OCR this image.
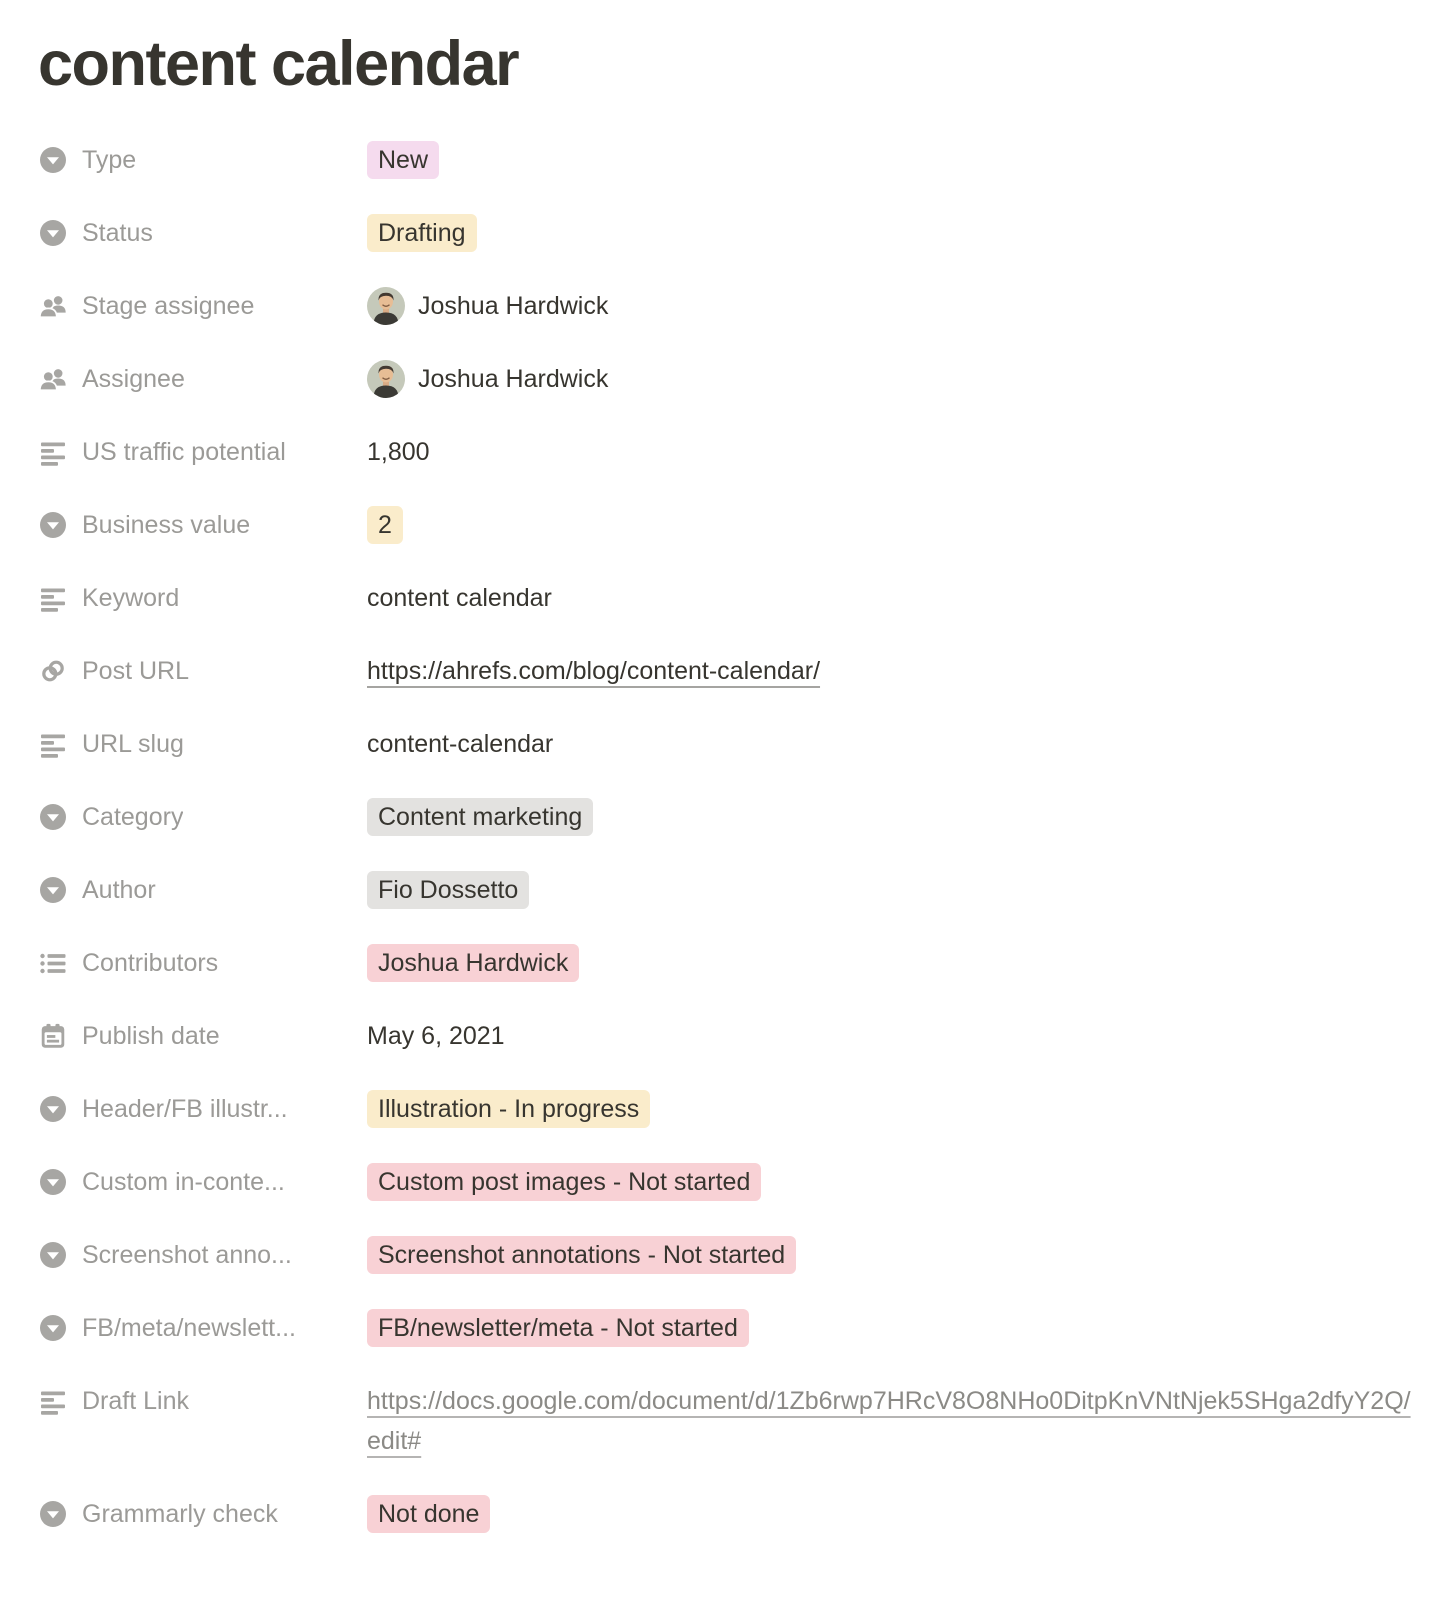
content calendar
Type	New
Status	Drafting
Stage assignee	Joshua Hardwick
Assignee	Joshua Hardwick
US traffic potential	1,800
Business value	2
Keyword	content calendar
Post URL	https://ahrefs.com/blog/content-calendar/
URL slug	content-calendar
Category	Content marketing
Author	Fio Dossetto
Contributors	Joshua Hardwick
Publish date	May 6, 2021
Header/FB illustr...	Illustration - In progress
Custom in-conte...	Custom post images - Not started
Screenshot anno...	Screenshot annotations - Not started
FB/meta/newslett...	FB/newsletter/meta - Not started
Draft Link	https://docs.google.com/document/d/1Zb6rwp7HRcV8O8NHo0DitpKnVNtNjek5SHga2dfyY2Q/edit#
Grammarly check	Not done
